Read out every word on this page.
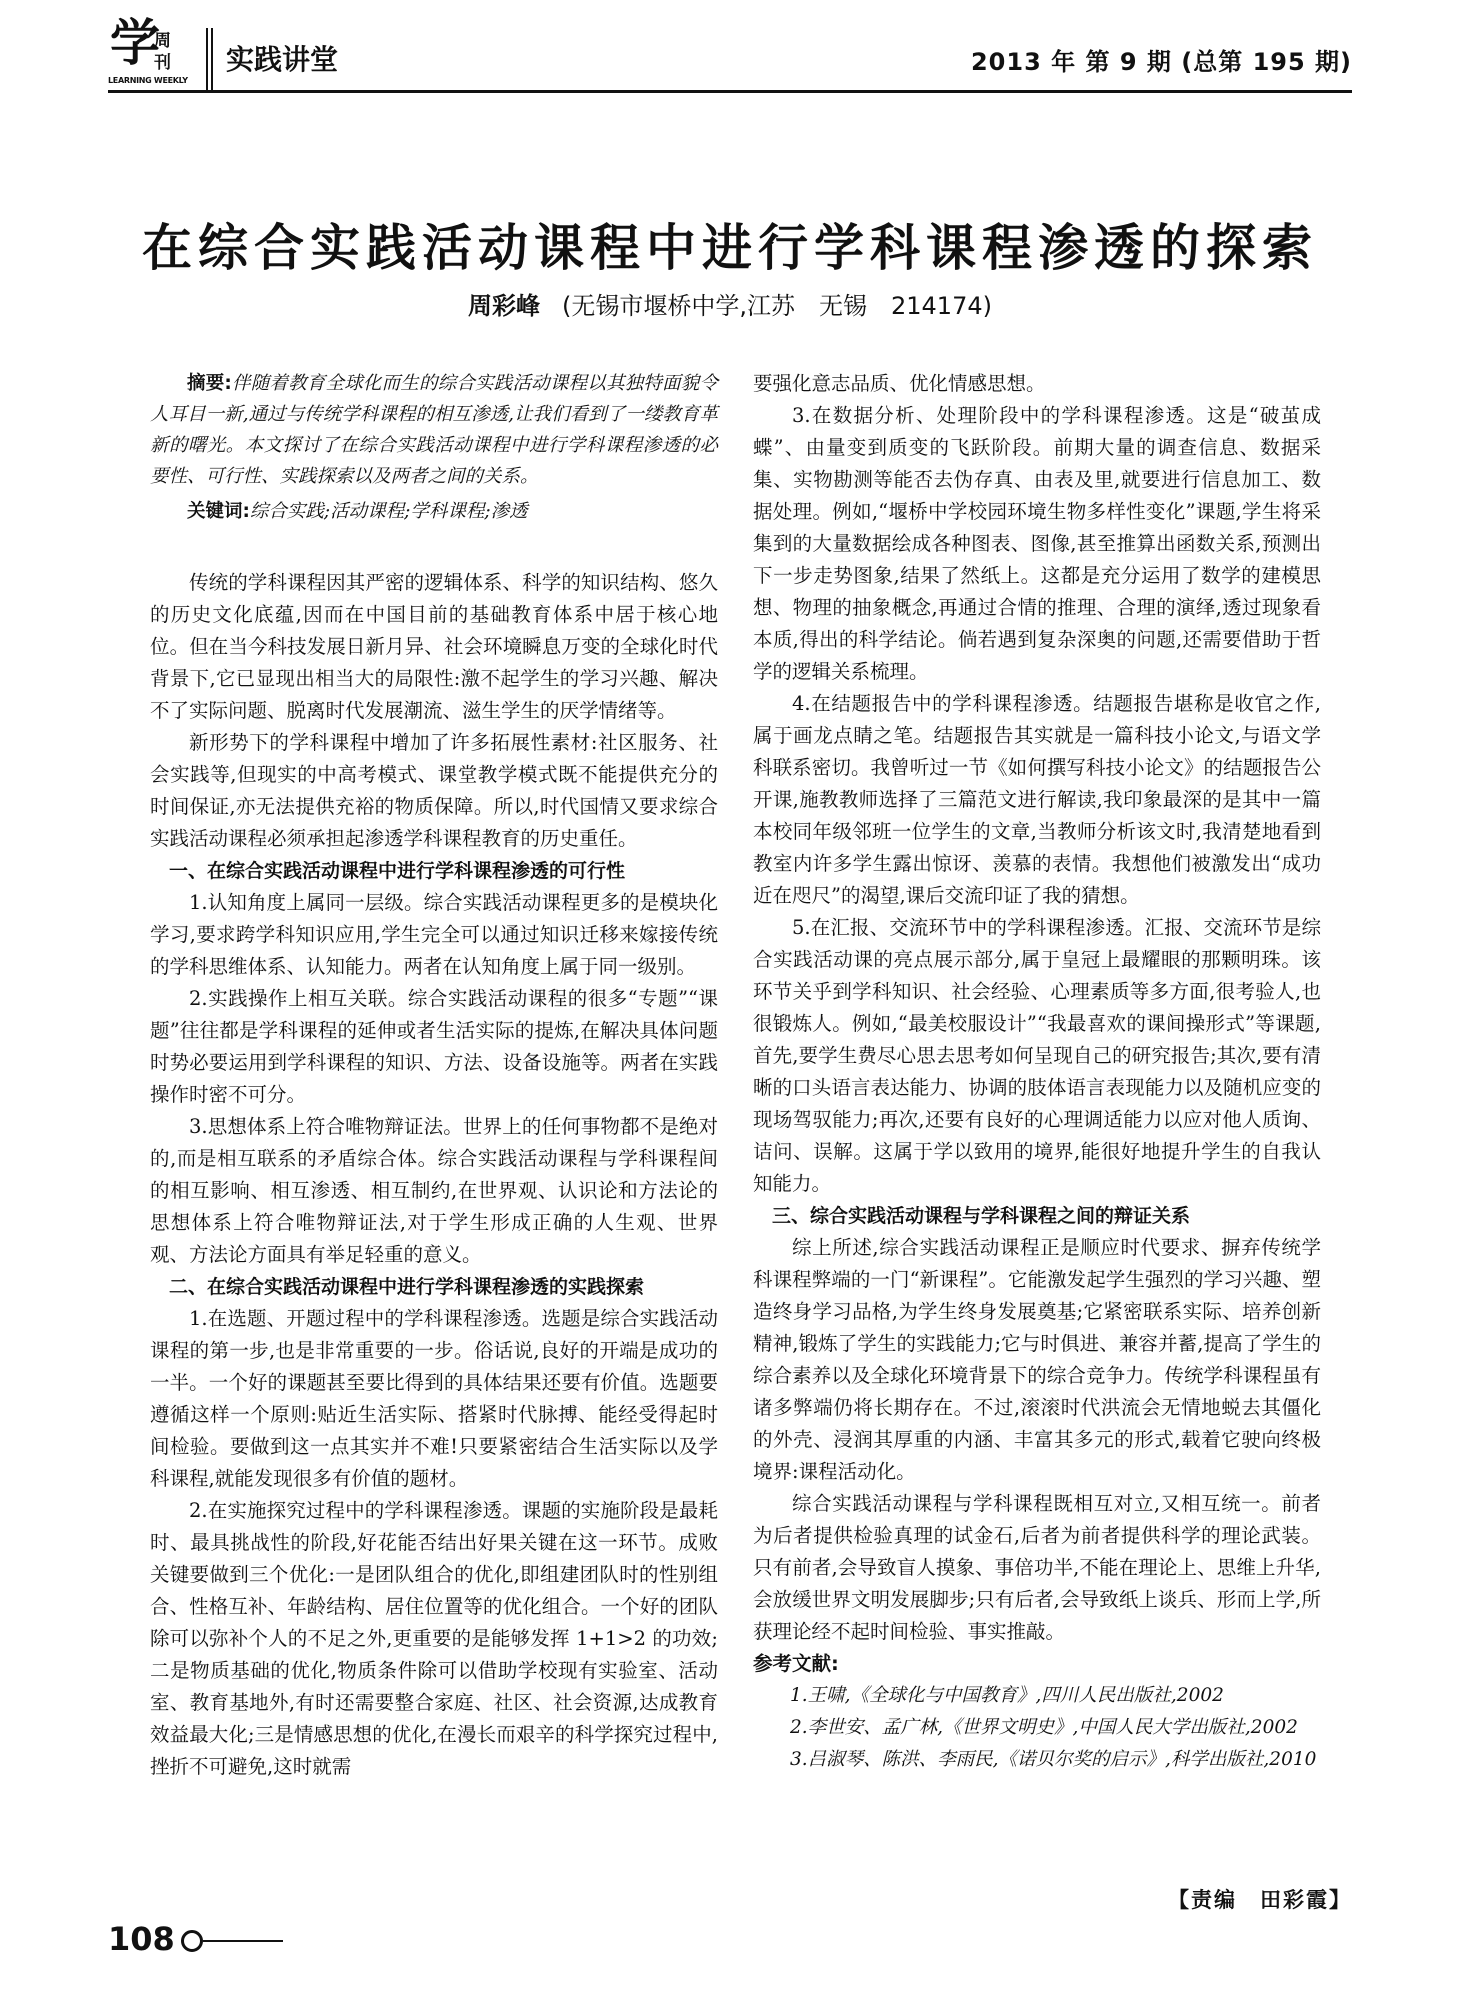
学
周
刊
LEARNING WEEKLY
实践讲堂	2013 年 第 9 期 (总第 195 期)
在综合实践活动课程中进行学科课程渗透的探索
周彩峰 (无锡市堰桥中学,江苏　无锡　214174)

摘要:伴随着教育全球化而生的综合实践活动课程以其独特面貌令人耳目一新,通过与传统学科课程的相互渗透,让我们看到了一缕教育革新的曙光。本文探讨了在综合实践活动课程中进行学科课程渗透的必要性、可行性、实践探索以及两者之间的关系。

关键词:综合实践;活动课程;学科课程;渗透

传统的学科课程因其严密的逻辑体系、科学的知识结构、悠久的历史文化底蕴,因而在中国目前的基础教育体系中居于核心地位。但在当今科技发展日新月异、社会环境瞬息万变的全球化时代背景下,它已显现出相当大的局限性:激不起学生的学习兴趣、解决不了实际问题、脱离时代发展潮流、滋生学生的厌学情绪等。

新形势下的学科课程中增加了许多拓展性素材:社区服务、社会实践等,但现实的中高考模式、课堂教学模式既不能提供充分的时间保证,亦无法提供充裕的物质保障。所以,时代国情又要求综合实践活动课程必须承担起渗透学科课程教育的历史重任。

一、在综合实践活动课程中进行学科课程渗透的可行性

1.认知角度上属同一层级。综合实践活动课程更多的是模块化学习,要求跨学科知识应用,学生完全可以通过知识迁移来嫁接传统的学科思维体系、认知能力。两者在认知角度上属于同一级别。

2.实践操作上相互关联。综合实践活动课程的很多“专题”“课题”往往都是学科课程的延伸或者生活实际的提炼,在解决具体问题时势必要运用到学科课程的知识、方法、设备设施等。两者在实践操作时密不可分。

3.思想体系上符合唯物辩证法。世界上的任何事物都不是绝对的,而是相互联系的矛盾综合体。综合实践活动课程与学科课程间的相互影响、相互渗透、相互制约,在世界观、认识论和方法论的思想体系上符合唯物辩证法,对于学生形成正确的人生观、世界观、方法论方面具有举足轻重的意义。

二、在综合实践活动课程中进行学科课程渗透的实践探索

1.在选题、开题过程中的学科课程渗透。选题是综合实践活动课程的第一步,也是非常重要的一步。俗话说,良好的开端是成功的一半。一个好的课题甚至要比得到的具体结果还要有价值。选题要遵循这样一个原则:贴近生活实际、搭紧时代脉搏、能经受得起时间检验。要做到这一点其实并不难!只要紧密结合生活实际以及学科课程,就能发现很多有价值的题材。

2.在实施探究过程中的学科课程渗透。课题的实施阶段是最耗时、最具挑战性的阶段,好花能否结出好果关键在这一环节。成败关键要做到三个优化:一是团队组合的优化,即组建团队时的性别组合、性格互补、年龄结构、居住位置等的优化组合。一个好的团队除可以弥补个人的不足之外,更重要的是能够发挥 1+1>2 的功效;二是物质基础的优化,物质条件除可以借助学校现有实验室、活动室、教育基地外,有时还需要整合家庭、社区、社会资源,达成教育效益最大化;三是情感思想的优化,在漫长而艰辛的科学探究过程中,挫折不可避免,这时就需

要强化意志品质、优化情感思想。

3.在数据分析、处理阶段中的学科课程渗透。这是“破茧成蝶”、由量变到质变的飞跃阶段。前期大量的调查信息、数据采集、实物勘测等能否去伪存真、由表及里,就要进行信息加工、数据处理。例如,“堰桥中学校园环境生物多样性变化”课题,学生将采集到的大量数据绘成各种图表、图像,甚至推算出函数关系,预测出下一步走势图象,结果了然纸上。这都是充分运用了数学的建模思想、物理的抽象概念,再通过合情的推理、合理的演绎,透过现象看本质,得出的科学结论。倘若遇到复杂深奥的问题,还需要借助于哲学的逻辑关系梳理。

4.在结题报告中的学科课程渗透。结题报告堪称是收官之作,属于画龙点睛之笔。结题报告其实就是一篇科技小论文,与语文学科联系密切。我曾听过一节《如何撰写科技小论文》的结题报告公开课,施教教师选择了三篇范文进行解读,我印象最深的是其中一篇本校同年级邻班一位学生的文章,当教师分析该文时,我清楚地看到教室内许多学生露出惊讶、羡慕的表情。我想他们被激发出“成功近在咫尺”的渴望,课后交流印证了我的猜想。

5.在汇报、交流环节中的学科课程渗透。汇报、交流环节是综合实践活动课的亮点展示部分,属于皇冠上最耀眼的那颗明珠。该环节关乎到学科知识、社会经验、心理素质等多方面,很考验人,也很锻炼人。例如,“最美校服设计”“我最喜欢的课间操形式”等课题,首先,要学生费尽心思去思考如何呈现自己的研究报告;其次,要有清晰的口头语言表达能力、协调的肢体语言表现能力以及随机应变的现场驾驭能力;再次,还要有良好的心理调适能力以应对他人质询、诘问、误解。这属于学以致用的境界,能很好地提升学生的自我认知能力。

三、综合实践活动课程与学科课程之间的辩证关系

综上所述,综合实践活动课程正是顺应时代要求、摒弃传统学科课程弊端的一门“新课程”。它能激发起学生强烈的学习兴趣、塑造终身学习品格,为学生终身发展奠基;它紧密联系实际、培养创新精神,锻炼了学生的实践能力;它与时俱进、兼容并蓄,提高了学生的综合素养以及全球化环境背景下的综合竞争力。传统学科课程虽有诸多弊端仍将长期存在。不过,滚滚时代洪流会无情地蜕去其僵化的外壳、浸润其厚重的内涵、丰富其多元的形式,载着它驶向终极境界:课程活动化。

综合实践活动课程与学科课程既相互对立,又相互统一。前者为后者提供检验真理的试金石,后者为前者提供科学的理论武装。只有前者,会导致盲人摸象、事倍功半,不能在理论上、思维上升华,会放缓世界文明发展脚步;只有后者,会导致纸上谈兵、形而上学,所获理论经不起时间检验、事实推敲。

参考文献:

1.王啸,《全球化与中国教育》,四川人民出版社,2002

2.李世安、孟广林,《世界文明史》,中国人民大学出版社,2002

3.吕淑琴、陈洪、李雨民,《诺贝尔奖的启示》,科学出版社,2010

【责编　田彩霞】
108
